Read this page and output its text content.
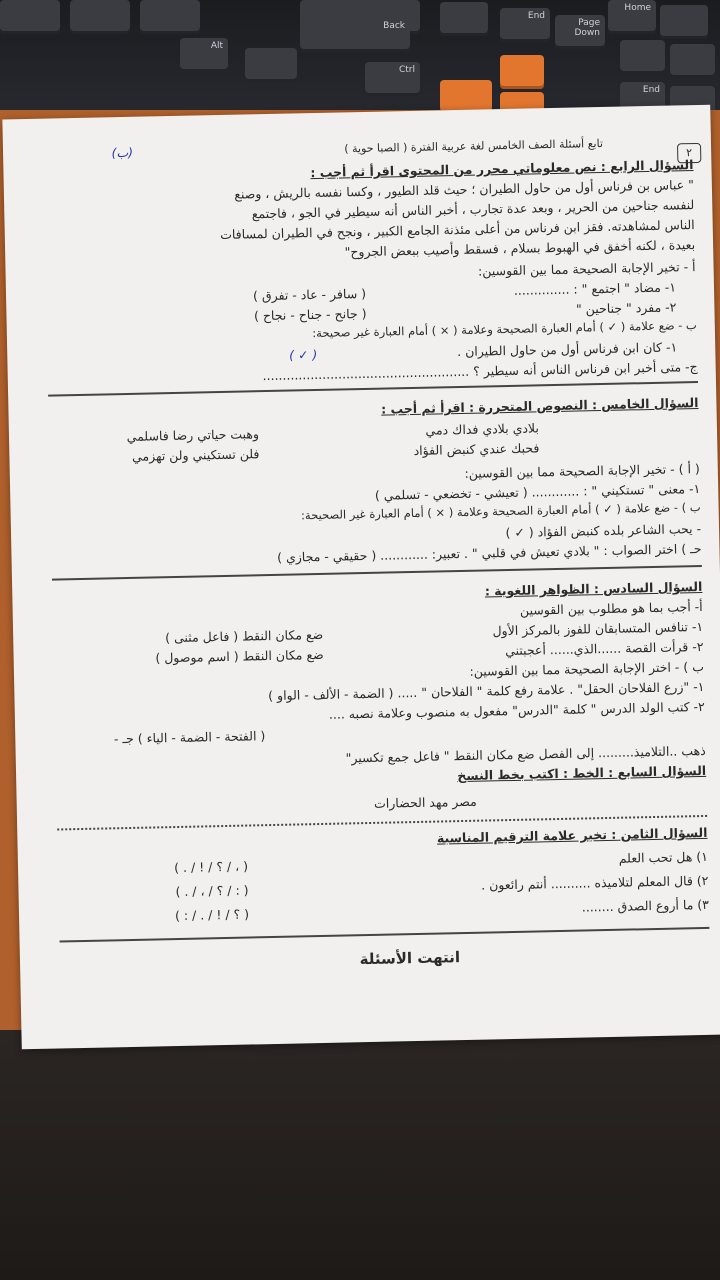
Alt
Back
Ctrl
End
Page Down
Home
End
٢
تابع أسئلة الصف الخامس لغة عربية الفترة ( الصبا حوية )
(ب)
السؤال الرابع : نص معلوماتي محرر من المحتوى اقرأ ثم أجب :
" عباس بن فرناس أول من حاول الطيران ؛ حيث قلد الطيور ، وكسا نفسه بالريش ، وصنع
لنفسه جناحين من الحرير ، وبعد عدة تجارب ، أخبر الناس أنه سيطير في الجو ، فاجتمع
الناس لمشاهدته. فقز ابن فرناس من أعلى مئذنة الجامع الكبير ، ونجح في الطيران لمسافات
بعيدة ، لكنه أخفق في الهبوط بسلام ، فسقط وأصيب ببعض الجروح"
أ - تخير الإجابة الصحيحة مما بين القوسين:
١- مضاد " اجتمع " : ..............
( سافر - عاد - تفرق )
٢- مفرد " جناحين "
( جانح - جناح - نجاح )
ب - ضع علامة ( ✓ ) أمام العبارة الصحيحة وعلامة ( × ) أمام العبارة غير صحيحة:
١- كان ابن فرناس أول من حاول الطيران .
( ✓ )
ج- متى أخبر ابن فرناس الناس أنه سيطير ؟ ....................................................
السؤال الخامس : النصوص المتحررة : اقرأ ثم أجب :
بلادي بلادي فداك دمي
وهبت حياتي رضا فاسلمي
فحبك عندي كنبض الفؤاد
فلن تستكيني ولن تهزمي
( أ ) - تخير الإجابة الصحيحة مما بين القوسين:
١- معنى " تستكيني " : ............ ( تعيشي - تخضعي - تسلمي )
ب ) - ضع علامة ( ✓ ) أمام العبارة الصحيحة وعلامة ( × ) أمام العبارة غير الصحيحة:
- يحب الشاعر بلده كنبض الفؤاد ( ✓ )
حـ ) اختر الصواب : " بلادي تعيش في قلبي " . تعبير: ............ ( حقيقي - مجازي )
السؤال السادس : الظواهر اللغوية :
أ- أجب بما هو مطلوب بين القوسين
١- تنافس المتسابقان للفوز بالمركز الأول
ضع مكان النقط ( فاعل مثنى )
٢- قرأت القصة ......الذي...... أعجبتني
ضع مكان النقط ( اسم موصول )
ب ) - اختر الإجابة الصحيحة مما بين القوسين:
١- "زرع الفلاحان الحقل" . علامة رفع كلمة " الفلاحان " ..... ( الضمة - الألف - الواو )
٢- كتب الولد الدرس " كلمة "الدرس" مفعول به منصوب وعلامة نصبه ....
( الفتحة - الضمة - الياء ) جـ -
ذهب ..التلاميذ......... إلى الفصل ضع مكان النقط " فاعل جمع تكسير"
السؤال السابع : الخط : اكتب بخط النسخ
مصر مهد الحضارات
السؤال الثامن : تخير علامة الترقيم المناسبة
١) هل تحب العلم
( ، / ؟ / ! / . )
٢) قال المعلم لتلاميذه .......... أنتم رائعون .
( : / ؟ / ، / . )
٣) ما أروع الصدق ........
( ؟ / ! / . / : )
انتهت الأسئلة
